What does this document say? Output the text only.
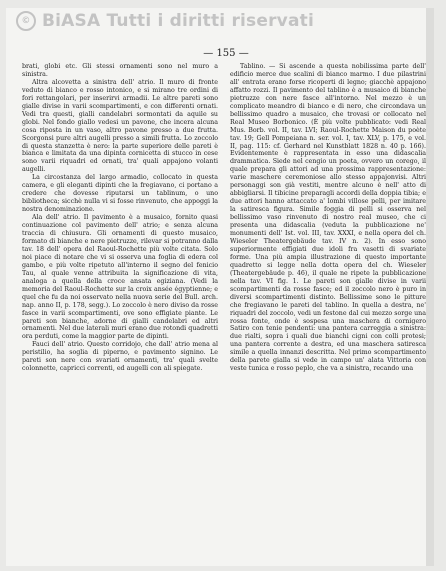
© BiASA Tutti i diritti riservati
— 155 —

brati, globi etc. Gli stessi ornamenti sono nel muro a sinistra.

Altra alcovetta a sinistra dell' atrio. Il muro di fronte veduto di bianco e rosso intonico, e si mirano tre ordini di fori rettangolari, per inserirvi armadii. Le altre pareti sono gialle divise in varii scompartimenti, e con differenti ornati. Vedi tra questi, gialli candelabri sormontati da aquile su globi. Nel fondo giallo vedesi un pavone, che incera alcuna cosa riposta in un vaso, altro pavone presso a due frutta. Scorgonsi pure altri augelli presso a simili frutta. Lo zoccolo di questa stanzetta è nero: la parte superiore delle pareti è bianca e limitata da una dipinta cornicetta di stucco in cese sono varii riquadri ed ornati, tra' quali appajono volanti augelli.

La circostanza del largo armadio, collocato in questa camera, e gli eleganti dipinti che la fregiavano, ci portano a credere che dovesse riputarsi un tablinum, o uno bibliotheca; sicchè nulla vi si fosse rinvenuto, che appoggi la nostra denominazione.

Ala dell' atrio. Il pavimento è a musaico, fornito quasi continuazione col pavimento dell' atrio; e senza alcuna traccia di chiusura. Gli ornamenti di questo musaico, formato di bianche e nere pietruzze, rilevar si potranno dalla tav. 18 dell' opera del Raoul-Rochette più volte citata. Solo noi piace di notare che vi si osserva una foglia di edera col gambo, e più volte ripetuto all'interno il segno del fenicio Tau, al quale venne attribuita la significazione di vita, analoga a quella della croce ansata egiziana. (Vedi la memoria del Raoul-Rochette sur la croix ansée égyptienne; e quel che fu da noi osservato nella nuova serie del Bull. arch. nap. anno II, p. 178, segg.). Lo zoccolo è nero diviso da rosse fasce in varii scompartimenti, ove sono effigiate piante. Le pareti son bianche, adorne di gialli candelabri ed altri ornamenti. Nel due laterali muri erano due rotondi quadretti ora perduti, come la maggior parte de dipinti.

Fauci dell' atrio. Questo corridojo, che dall' atrio mena al peristilio, ha soglia di piperno, e pavimento signino. Le pareti son nere con svariati ornamenti, tra' quali svelte colonnette, capricci correnti, ed augelli con ali spiegate.

Tablino. — Si ascende a questa nobilissima parte dell' edificio merce due scalini di bianco marmo. I due pilastrini all' entrata erano forse ricoperti di legno; giacchè appajono affatto rozzi. Il pavimento del tablino è a musaico di bianche pietruzze con nere fasce all'intorno. Nel mezzo è un complicato meandro di bianco e di nero, che circondava un bellissimo quadro a musaico, che trovasi or collocato nel Real Museo Borbonico. (È più volte pubblicato: vedi Real Mus. Borb. vol. II, tav. LVI; Raoul-Rochette Maison du poète tav. 19; Gell Pompeiana n. ser. vol. I, tav. XLV, p. 175, e vol. II, pag. 115: cf. Gerhard nel Kunstblatt 1828 n. 40 p. 166). Evidentemente è rappresentata in esso una didascalia drammatica. Siede nel cengio un poeta, ovvero un corego, il quale prepara gli attori ad una prossima rappresentazione: varie maschere ceremoniose allo stesso appajonvisi. Altri personaggi son già vestiti, mentre alcuno è nell' atto di abbigliarsi. Il tibicine preparagli accordi della doppia tibia; e due attori hanno attaccato a' lombi villose pelli, per imitare la satiresca figura. Simile foggia di pelli si osserva nel bellissimo vaso rinvenuto di nostro real museo, che ci presenta una didascalia (veduta la pubblicazione ne' monumenti dell' Ist. vol. III, tav. XXXI, e nella opera del ch. Wieseler Theatergebäude tav. IV n. 2). In esso sono superiormente effigiati due idoli fra vasetti di svariate forme. Una più ampia illustrazione di questo importante quadretto si legge nella dotta opera del ch. Wieseler (Theatergebäude p. 46), il quale ne ripete la pubblicazione nella tav. VI fig. 1. Le pareti son gialle divise in varii scompartimenti da rosse fasce; ed il zoccolo nero è puro in diversi scompartimenti distinto. Bellissime sono le pitture che fregiavano le pareti del tablino. In quella a destra, ne' riquadri del zoccolo, vedi un festone dal cui mezzo sorge una rossa fonte, onde è sospesa una maschera di cornigero Satiro con tenie pendenti: una pantera carreggia a sinistra: due rialti, sopra i quali due bianchi cigni con colli protesi; una pantera corrente a destra, ed una maschera satiresca simile a quella innanzi descritta. Nel primo scompartimento della parete gialla si vede in campo un' alata Vittoria con veste tunica e rosso peplo, che va a sinistra, recando una
